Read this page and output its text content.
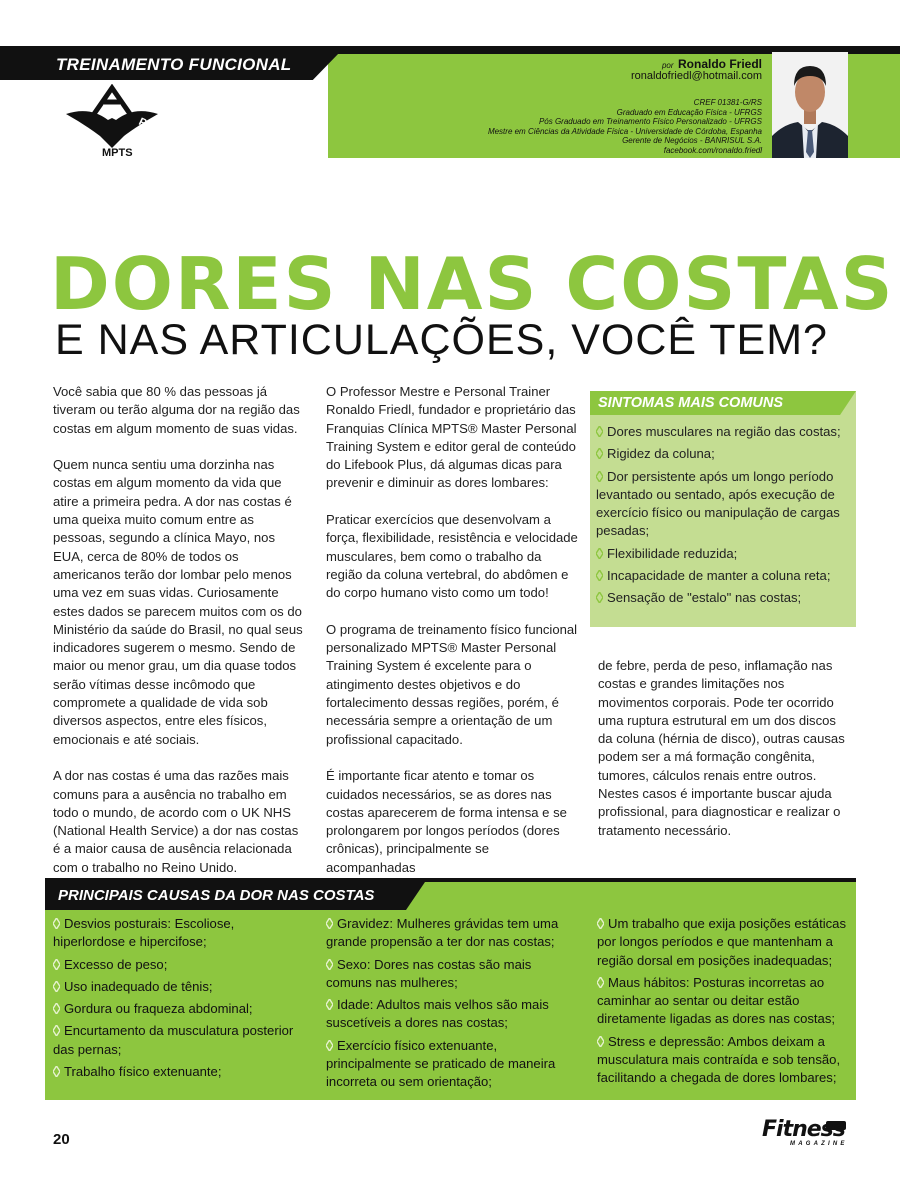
TREINAMENTO FUNCIONAL
e	P
MPTS
por Ronaldo Friedl
ronaldofriedl@hotmail.com
CREF 01381-G/RS
Graduado em Educação Física - UFRGS
Pós Graduado em Treinamento Físico Personalizado - UFRGS
Mestre em Ciências da Atividade Física - Universidade de Córdoba, Espanha
Gerente de Negócios - BANRISUL S.A.
facebook.com/ronaldo.friedl
DORES NAS COSTAS
E NAS ARTICULAÇÕES, VOCÊ TEM?

Você sabia que 80 % das pessoas já tiveram ou terão alguma dor na região das costas em algum momento de suas vidas.

Quem nunca sentiu uma dorzinha nas costas em algum momento da vida que atire a primeira pedra. A dor nas costas é uma queixa muito comum entre as pessoas, segundo a clínica Mayo, nos EUA, cerca de 80% de todos os americanos terão dor lombar pelo menos uma vez em suas vidas. Curiosamente estes dados se parecem muitos com os do Ministério da saúde do Brasil, no qual seus indicadores sugerem o mesmo. Sendo de maior ou menor grau, um dia quase todos serão vítimas desse incômodo que compromete a qualidade de vida sob diversos aspectos, entre eles físicos, emocionais e até sociais.

A dor nas costas é uma das razões mais comuns para a ausência no trabalho em todo o mundo, de acordo com o UK NHS (National Health Service) a dor nas costas é a maior causa de ausência relacionada com o trabalho no Reino Unido.

O Professor Mestre e Personal Trainer Ronaldo Friedl, fundador e proprietário das Franquias Clínica MPTS® Master Personal Training System e editor geral de conteúdo do Lifebook Plus, dá algumas dicas para prevenir e diminuir as dores lombares:

Praticar exercícios que desenvolvam a força, flexibilidade, resistência e velocidade musculares, bem como o trabalho da região da coluna vertebral, do abdômen e do corpo humano visto como um todo!

O programa de treinamento físico funcional personalizado MPTS® Master Personal Training System é excelente para o atingimento destes objetivos e do fortalecimento dessas regiões, porém, é necessária sempre a orientação de um profissional capacitado.

É importante ficar atento e tomar os cuidados necessários, se as dores nas costas aparecerem de forma intensa e se prolongarem por longos períodos (dores crônicas), principalmente se acompanhadas

SINTOMAS MAIS COMUNS
Dores musculares na região das costas;
Rigidez da coluna;
Dor persistente após um longo período levantado ou sentado, após execução de exercício físico ou manipulação de cargas pesadas;
Flexibilidade reduzida;
Incapacidade de manter a coluna reta;
Sensação de "estalo" nas costas;

de febre, perda de peso, inflamação nas costas e grandes limitações nos movimentos corporais. Pode ter ocorrido uma ruptura estrutural em um dos discos da coluna (hérnia de disco), outras causas podem ser a má formação congênita, tumores, cálculos renais entre outros. Nestes casos é importante buscar ajuda profissional, para diagnosticar e realizar o tratamento necessário.

PRINCIPAIS CAUSAS DA DOR NAS COSTAS
Desvios posturais: Escoliose, hiperlordose e hipercifose;
Excesso de peso;
Uso inadequado de tênis;
Gordura ou fraqueza abdominal;
Encurtamento da musculatura posterior das pernas;
Trabalho físico extenuante;
Gravidez: Mulheres grávidas tem uma grande propensão a ter dor nas costas;
Sexo: Dores nas costas são mais comuns nas mulheres;
Idade: Adultos mais velhos são mais suscetíveis a dores nas costas;
Exercício físico extenuante, principalmente se praticado de maneira incorreta ou sem orientação;
Um trabalho que exija posições estáticas por longos períodos e que mantenham a região dorsal em posições inadequadas;
Maus hábitos: Posturas incorretas ao caminhar ao sentar ou deitar estão diretamente ligadas as dores nas costas;
Stress e depressão: Ambos deixam a musculatura mais contraída e sob tensão, facilitando a chegada de dores lombares;
20	Fitness
MAGAZINE
